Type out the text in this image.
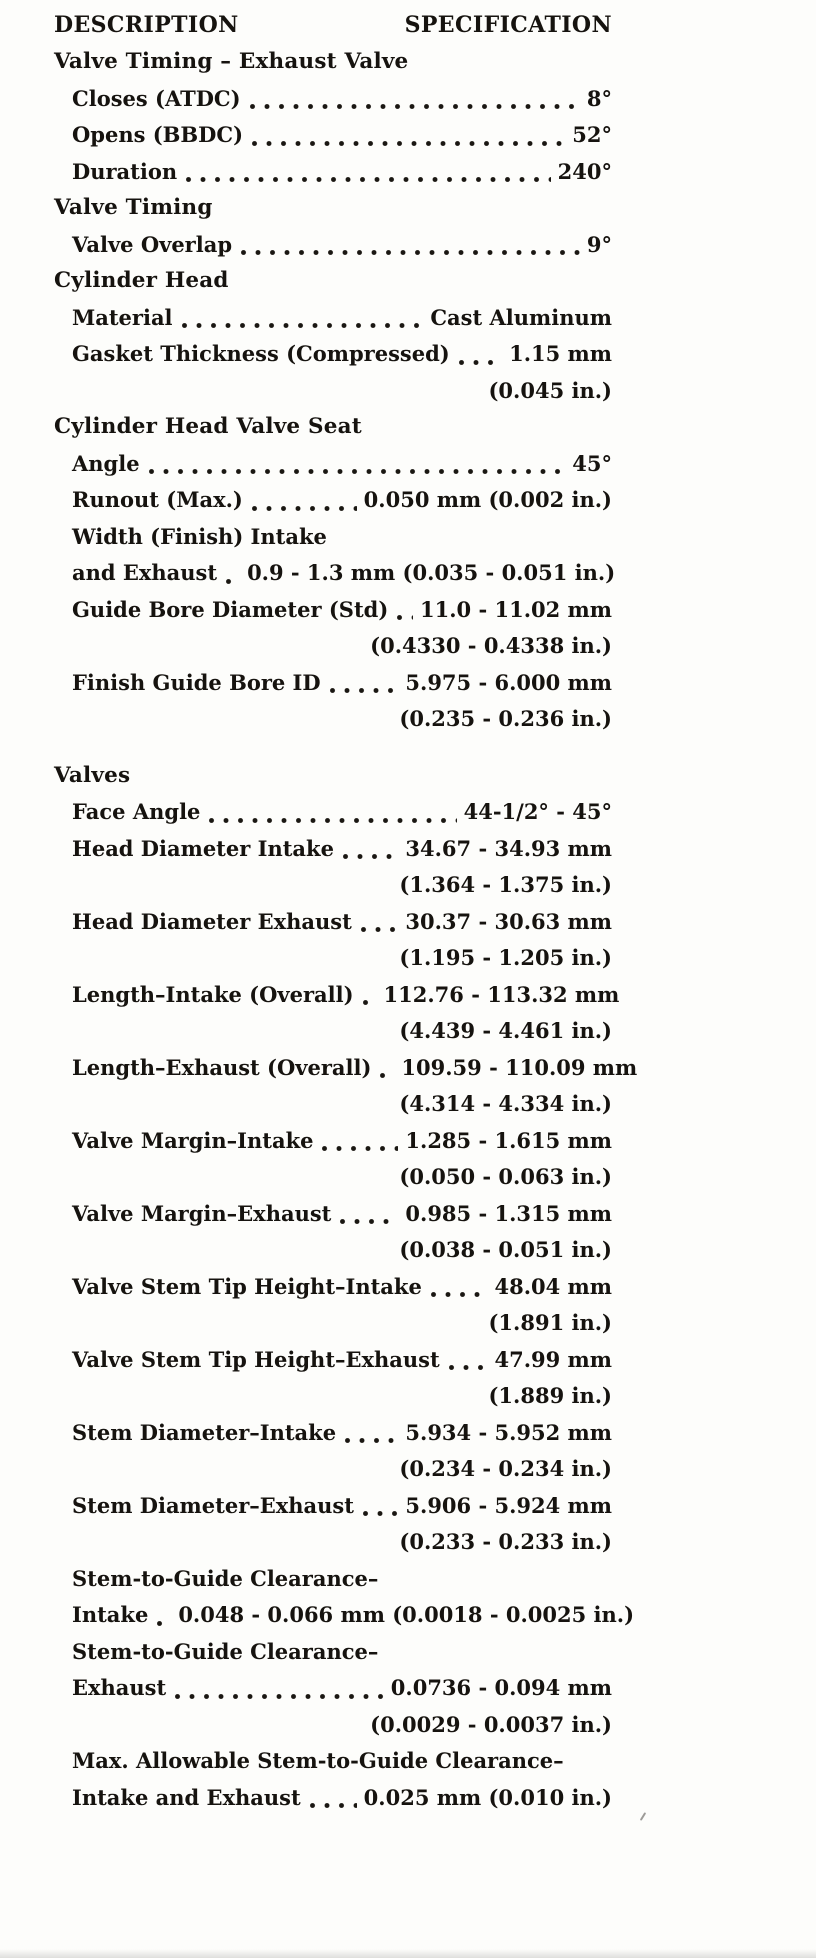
DESCRIPTION	SPECIFICATION
Valve Timing – Exhaust Valve
Closes (ATDC)	8°
Opens (BBDC)	52°
Duration	240°
Valve Timing
Valve Overlap	9°
Cylinder Head
Material	Cast Aluminum
Gasket Thickness (Compressed)	1.15 mm
(0.045 in.)
Cylinder Head Valve Seat
Angle	45°
Runout (Max.)	0.050 mm (0.002 in.)
Width (Finish) Intake
and Exhaust 0.9 - 1.3 mm (0.035 - 0.051 in.)
Guide Bore Diameter (Std) 11.0 - 11.02 mm
(0.4330 - 0.4338 in.)
Finish Guide Bore ID	5.975 - 6.000 mm
(0.235 - 0.236 in.)
Valves
Face Angle	44-1/2° - 45°
Head Diameter Intake	34.67 - 34.93 mm
(1.364 - 1.375 in.)
Head Diameter Exhaust	30.37 - 30.63 mm
(1.195 - 1.205 in.)
Length–Intake (Overall) 112.76 - 113.32 mm
(4.439 - 4.461 in.)
Length–Exhaust (Overall) 109.59 - 110.09 mm
(4.314 - 4.334 in.)
Valve Margin–Intake	1.285 - 1.615 mm
(0.050 - 0.063 in.)
Valve Margin–Exhaust	0.985 - 1.315 mm
(0.038 - 0.051 in.)
Valve Stem Tip Height–Intake	48.04 mm
(1.891 in.)
Valve Stem Tip Height–Exhaust	47.99 mm
(1.889 in.)
Stem Diameter–Intake	5.934 - 5.952 mm
(0.234 - 0.234 in.)
Stem Diameter–Exhaust 5.906 - 5.924 mm
(0.233 - 0.233 in.)
Stem-to-Guide Clearance–
Intake 0.048 - 0.066 mm (0.0018 - 0.0025 in.)
Stem-to-Guide Clearance–
Exhaust	0.0736 - 0.094 mm
(0.0029 - 0.0037 in.)
Max. Allowable Stem-to-Guide Clearance–
Intake and Exhaust	0.025 mm (0.010 in.)
